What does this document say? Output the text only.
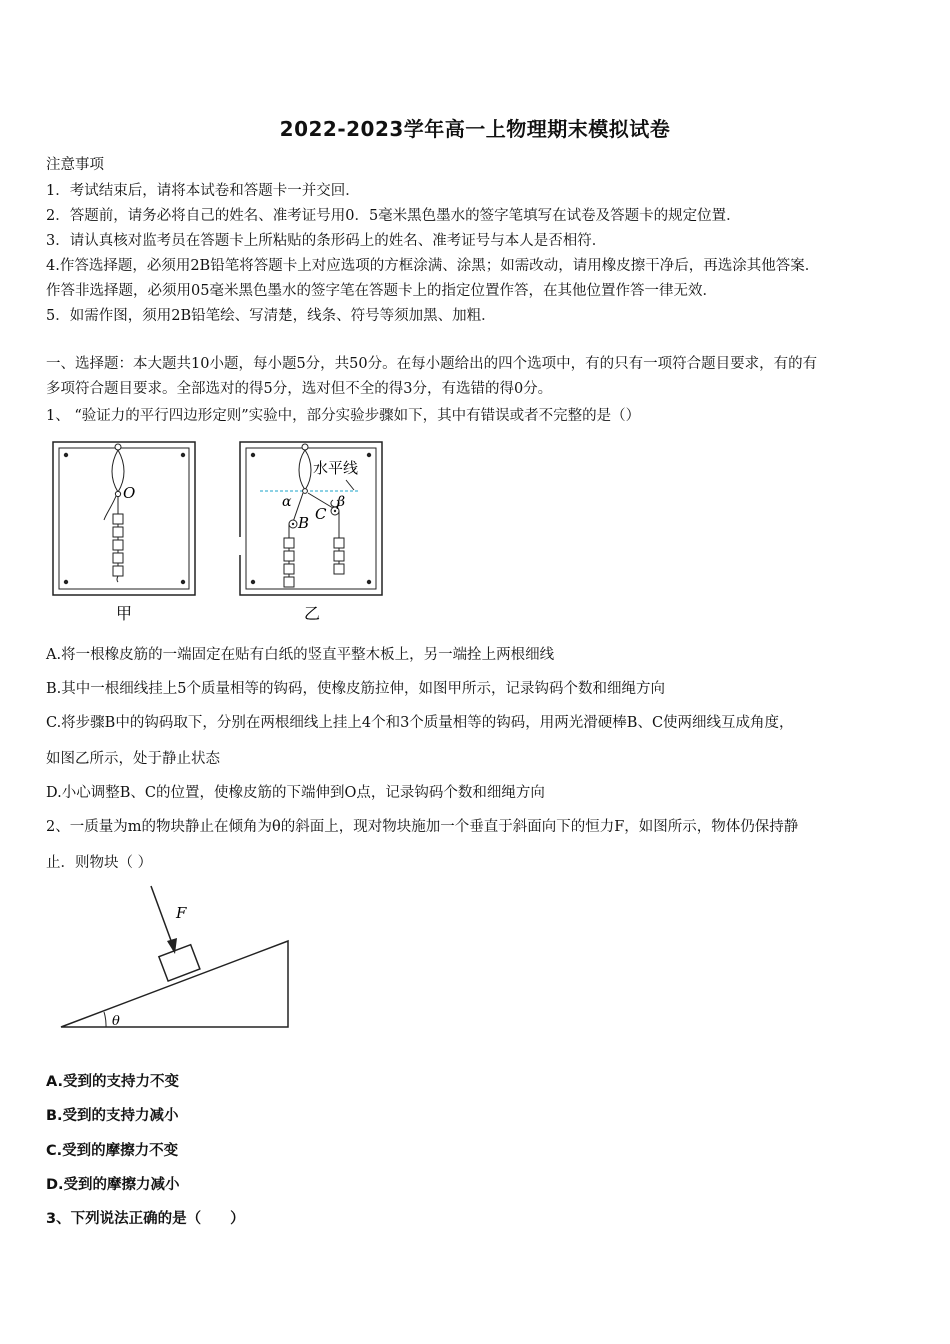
2022-2023学年高一上物理期末模拟试卷
注意事项
1．考试结束后，请将本试卷和答题卡一并交回．
2．答题前，请务必将自己的姓名、准考证号用0．5毫米黑色墨水的签字笔填写在试卷及答题卡的规定位置．
3．请认真核对监考员在答题卡上所粘贴的条形码上的姓名、准考证号与本人是否相符．
4.作答选择题，必须用2B铅笔将答题卡上对应选项的方框涂满、涂黑；如需改动，请用橡皮擦干净后，再选涂其他答案．
作答非选择题，必须用05毫米黑色墨水的签字笔在答题卡上的指定位置作答，在其他位置作答一律无效．
5．如需作图，须用2B铅笔绘、写清楚，线条、符号等须加黑、加粗．
一、选择题：本大题共10小题，每小题5分，共50分。在每小题给出的四个选项中，有的只有一项符合题目要求，有的有
多项符合题目要求。全部选对的得5分，选对但不全的得3分，有选错的得0分。
1、 “验证力的平行四边形定则”实验中，部分实验步骤如下，其中有错误或者不完整的是（）
O
甲
水平线
α	β
B C
乙
A.将一根橡皮筋的一端固定在贴有白纸的竖直平整木板上，另一端拴上两根细线
B.其中一根细线挂上5个质量相等的钩码，使橡皮筋拉伸，如图甲所示，记录钩码个数和细绳方向
C.将步骤B中的钩码取下，分别在两根细线上挂上4个和3个质量相等的钩码，用两光滑硬棒B、C使两细线互成角度，
如图乙所示，处于静止状态
D.小心调整B、C的位置，使橡皮筋的下端伸到O点，记录钩码个数和细绳方向
2、一质量为m的物块静止在倾角为θ的斜面上，现对物块施加一个垂直于斜面向下的恒力F，如图所示，物体仍保持静
止．则物块（ ）
F
θ
A.受到的支持力不变
B.受到的支持力减小
C.受到的摩擦力不变
D.受到的摩擦力减小
3、下列说法正确的是（　　）
